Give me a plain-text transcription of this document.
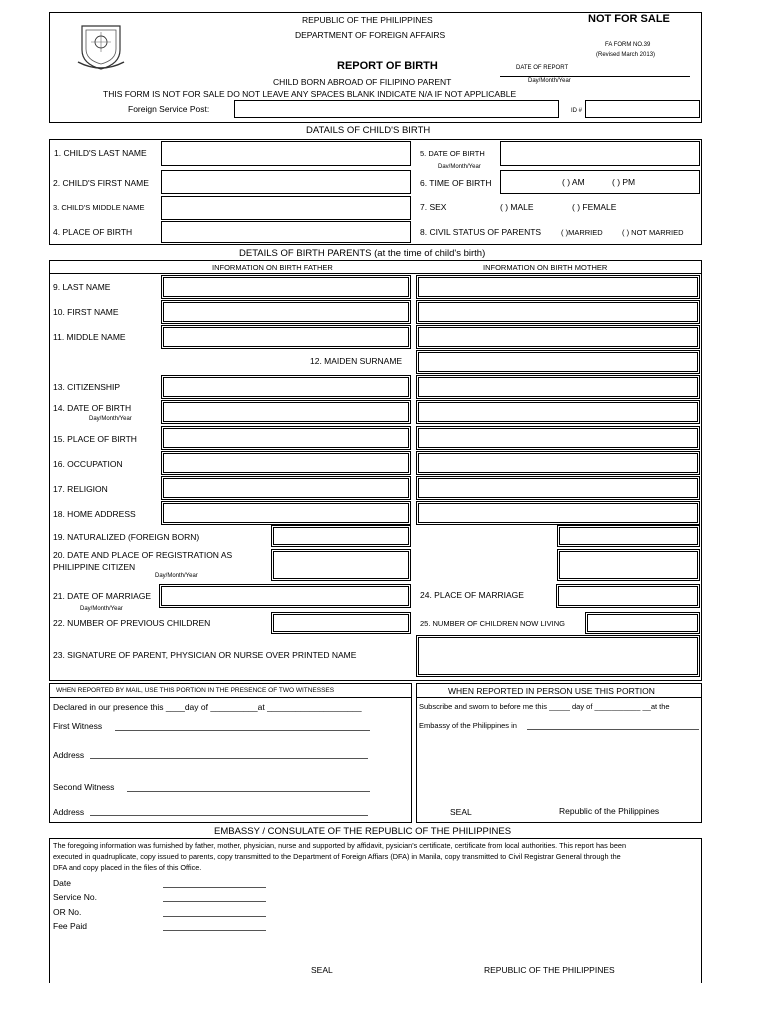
REPUBLIC OF THE PHILIPPINES
DEPARTMENT OF FOREIGN AFFAIRS
NOT FOR SALE
FA FORM NO.39
(Revised March 2013)
REPORT OF BIRTH	DATE OF REPORT
Day/Month/Year
CHILD BORN ABROAD OF FILIPINO PARENT
THIS FORM IS NOT FOR SALE DO NOT LEAVE ANY SPACES BLANK INDICATE N/A IF NOT APPLICABLE
Foreign Service Post:	ID #
DATAILS OF CHILD'S BIRTH
1. CHILD'S LAST NAME	5. DATE OF BIRTH
Dav/Month/Year
2. CHILD'S FIRST NAME	6. TIME OF BIRTH	( ) AM	( ) PM
3. CHILD'S MIDDLE NAME	7. SEX	( ) MALE	( ) FEMALE
4. PLACE OF BIRTH	8. CIVIL STATUS OF PARENTS	( )MARRIED	( ) NOT MARRIED
DETAILS OF BIRTH PARENTS (at the time of child's birth)
INFORMATION ON BIRTH FATHER	INFORMATION ON BIRTH MOTHER
9. LAST NAME
10. FIRST NAME
11. MIDDLE NAME
12. MAIDEN SURNAME
13. CITIZENSHIP
14. DATE OF BIRTH
Day/Month/Year
15. PLACE OF BIRTH
16. OCCUPATION
17. RELIGION
18. HOME ADDRESS
19. NATURALIZED (FOREIGN BORN)
20. DATE AND PLACE OF REGISTRATION AS
PHILIPPINE CITIZEN
Day/Month/Year
21. DATE OF MARRIAGE
Day/Month/Year
24. PLACE OF MARRIAGE
22. NUMBER OF PREVIOUS CHILDREN	25. NUMBER OF CHILDREN NOW LIVING
23. SIGNATURE OF PARENT, PHYSICIAN OR NURSE OVER PRINTED NAME
WHEN REPORTED BY MAIL, USE THIS PORTION IN THE PRESENCE OF TWO WITNESSES
Declared in our presence this ____day of __________at ____________________
First Witness
Address
Second Witness
Address
WHEN REPORTED IN PERSON USE THIS PORTION
Subscribe and sworn to before me this _____ day of ___________ __at the
Embassy of the Philippines in
SEAL	Republic of the Philippines
EMBASSY / CONSULATE OF THE REPUBLIC OF THE PHILIPPINES
The foregoing information was furnished by father, mother, physician, nurse and supported by affidavit, pysician's certificate, certificate from local authorities. This report has been
executed in quadruplicate, copy issued to parents, copy transmitted to the Department of Foreign Affiars (DFA) in Manila, copy transmitted to Civil Registrar General through the
DFA and copy placed in the files of this Office.
Date
Service No.
OR No.
Fee Paid
SEAL	REPUBLIC OF THE PHILIPPINES
